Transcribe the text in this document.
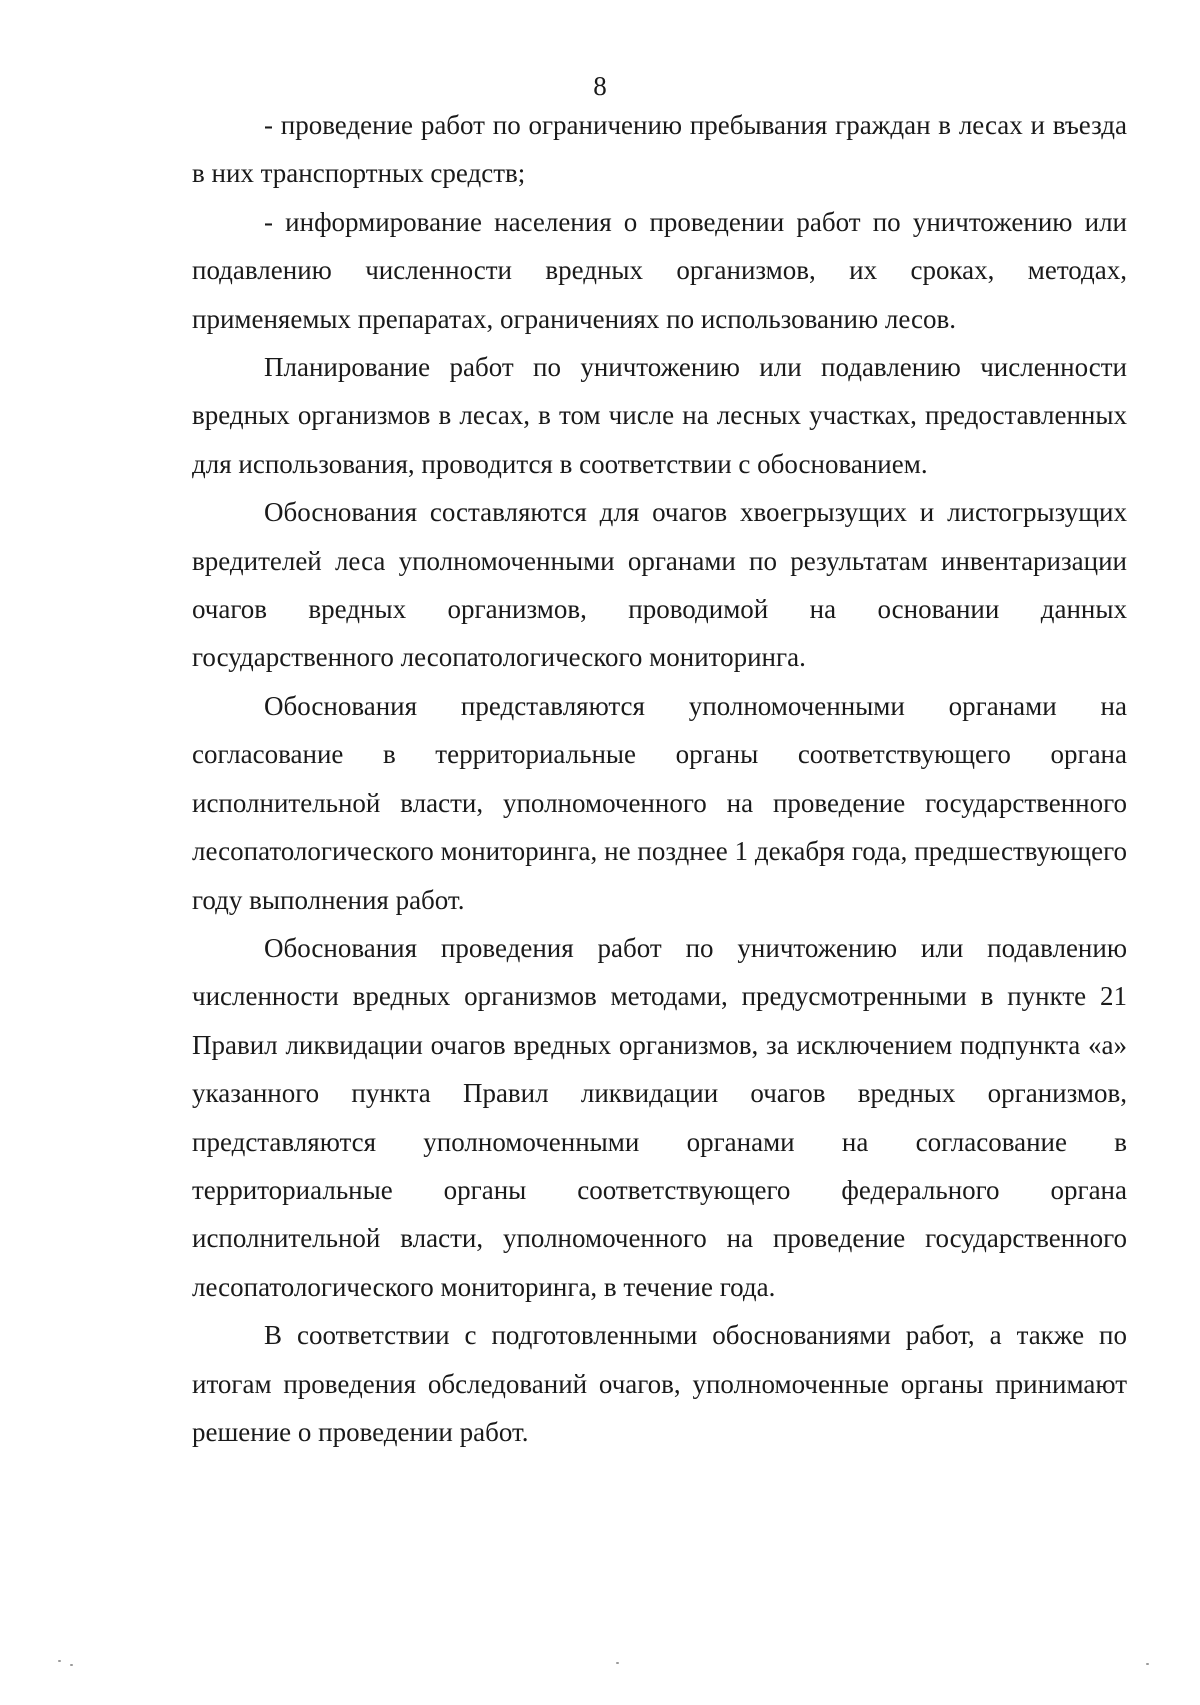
8

- проведение работ по ограничению пребывания граждан в лесах и въезда в них транспортных средств;

- информирование населения о проведении работ по уничтожению или подавлению численности вредных организмов, их сроках, методах, применяемых препаратах, ограничениях по использованию лесов.

Планирование работ по уничтожению или подавлению численности вредных организмов в лесах, в том числе на лесных участках, предоставленных для использования, проводится в соответствии с обоснованием.

Обоснования составляются для очагов хвоегрызущих и листогрызущих вредителей леса уполномоченными органами по результатам инвентаризации очагов вредных организмов, проводимой на основании данных государственного лесопатологического мониторинга.

Обоснования представляются уполномоченными органами на согласование в территориальные органы соответствующего органа исполнительной власти, уполномоченного на проведение государственного лесопатологического мониторинга, не позднее 1 декабря года, предшествующего году выполнения работ.

Обоснования проведения работ по уничтожению или подавлению численности вредных организмов методами, предусмотренными в пункте 21 Правил ликвидации очагов вредных организмов, за исключением подпункта «а» указанного пункта Правил ликвидации очагов вредных организмов, представляются уполномоченными органами на согласование в территориальные органы соответствующего федерального органа исполнительной власти, уполномоченного на проведение государственного лесопатологического мониторинга, в течение года.

В соответствии с подготовленными обоснованиями работ, а также по итогам проведения обследований очагов, уполномоченные органы принимают решение о проведении работ.
